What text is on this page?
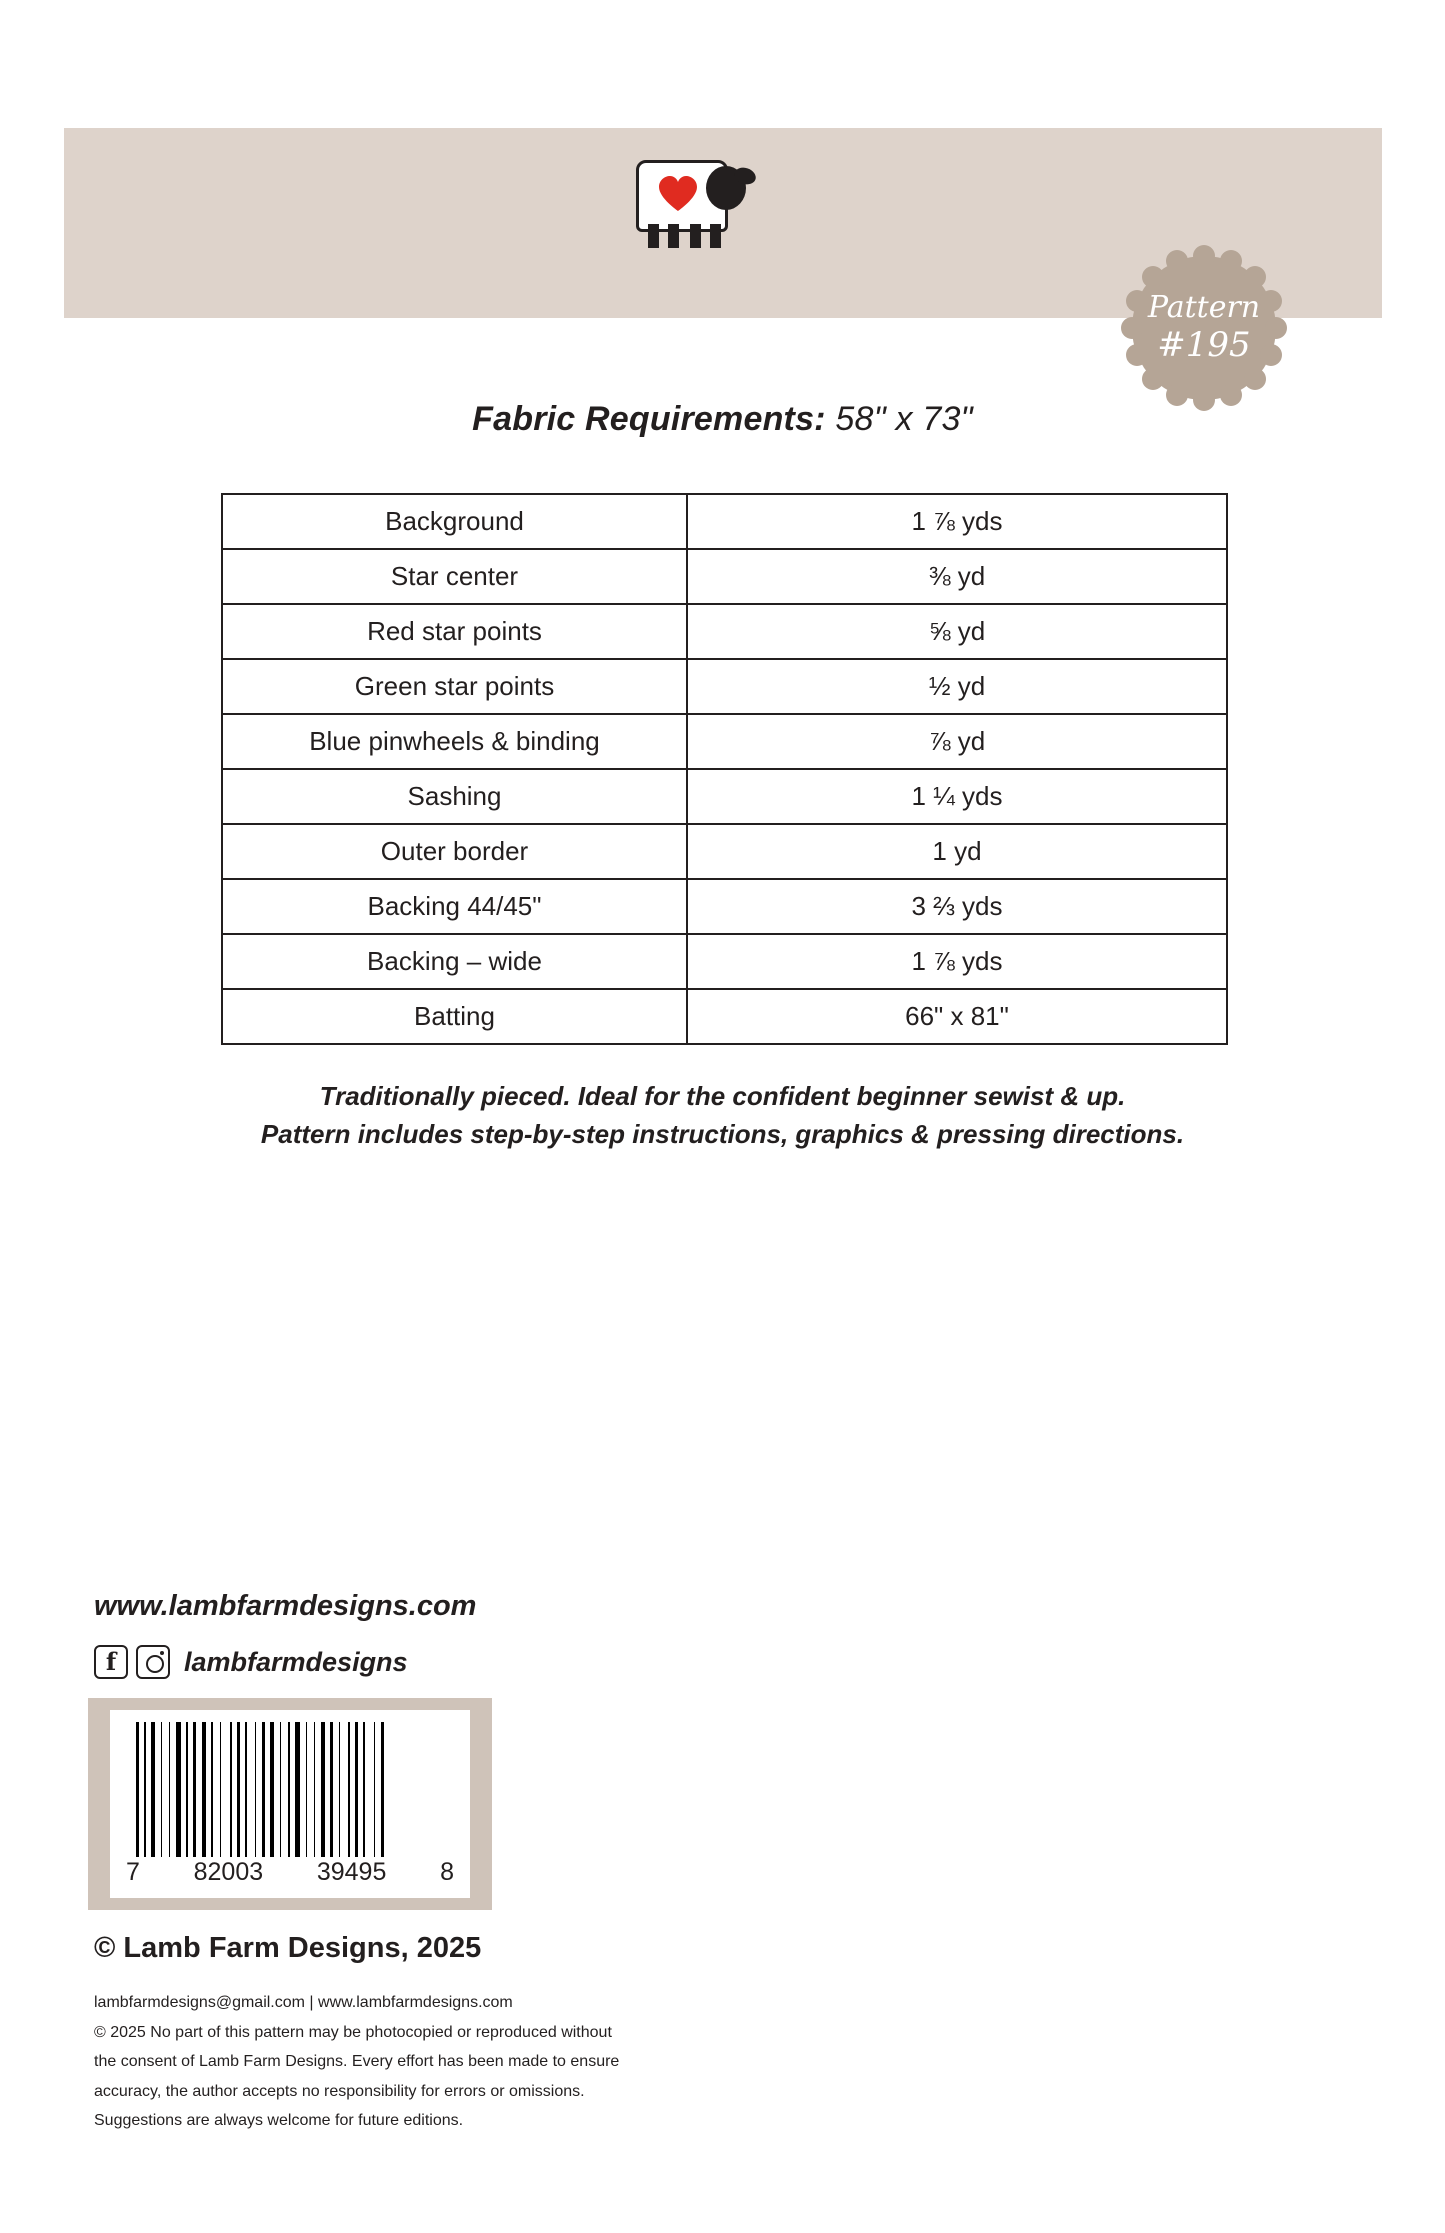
Pattern
#195
Fabric Requirements: 58" x 73"
Background	1 ⅞ yds
Star center	⅜ yd
Red star points	⅝ yd
Green star points	½ yd
Blue pinwheels & binding	⅞ yd
Sashing	1 ¼ yds
Outer border	1 yd
Backing 44/45"	3 ⅔ yds
Backing – wide	1 ⅞ yds
Batting	66" x 81"
Traditionally pieced. Ideal for the confident beginner sewist & up.
Pattern includes step-by-step instructions, graphics & pressing directions.
www.lambfarmdesigns.com
f	lambfarmdesigns
7 82003 39495 8
© Lamb Farm Designs, 2025
lambfarmdesigns@gmail.com | www.lambfarmdesigns.com
© 2025 No part of this pattern may be photocopied or reproduced without
the consent of Lamb Farm Designs. Every effort has been made to ensure
accuracy, the author accepts no responsibility for errors or omissions.
Suggestions are always welcome for future editions.
